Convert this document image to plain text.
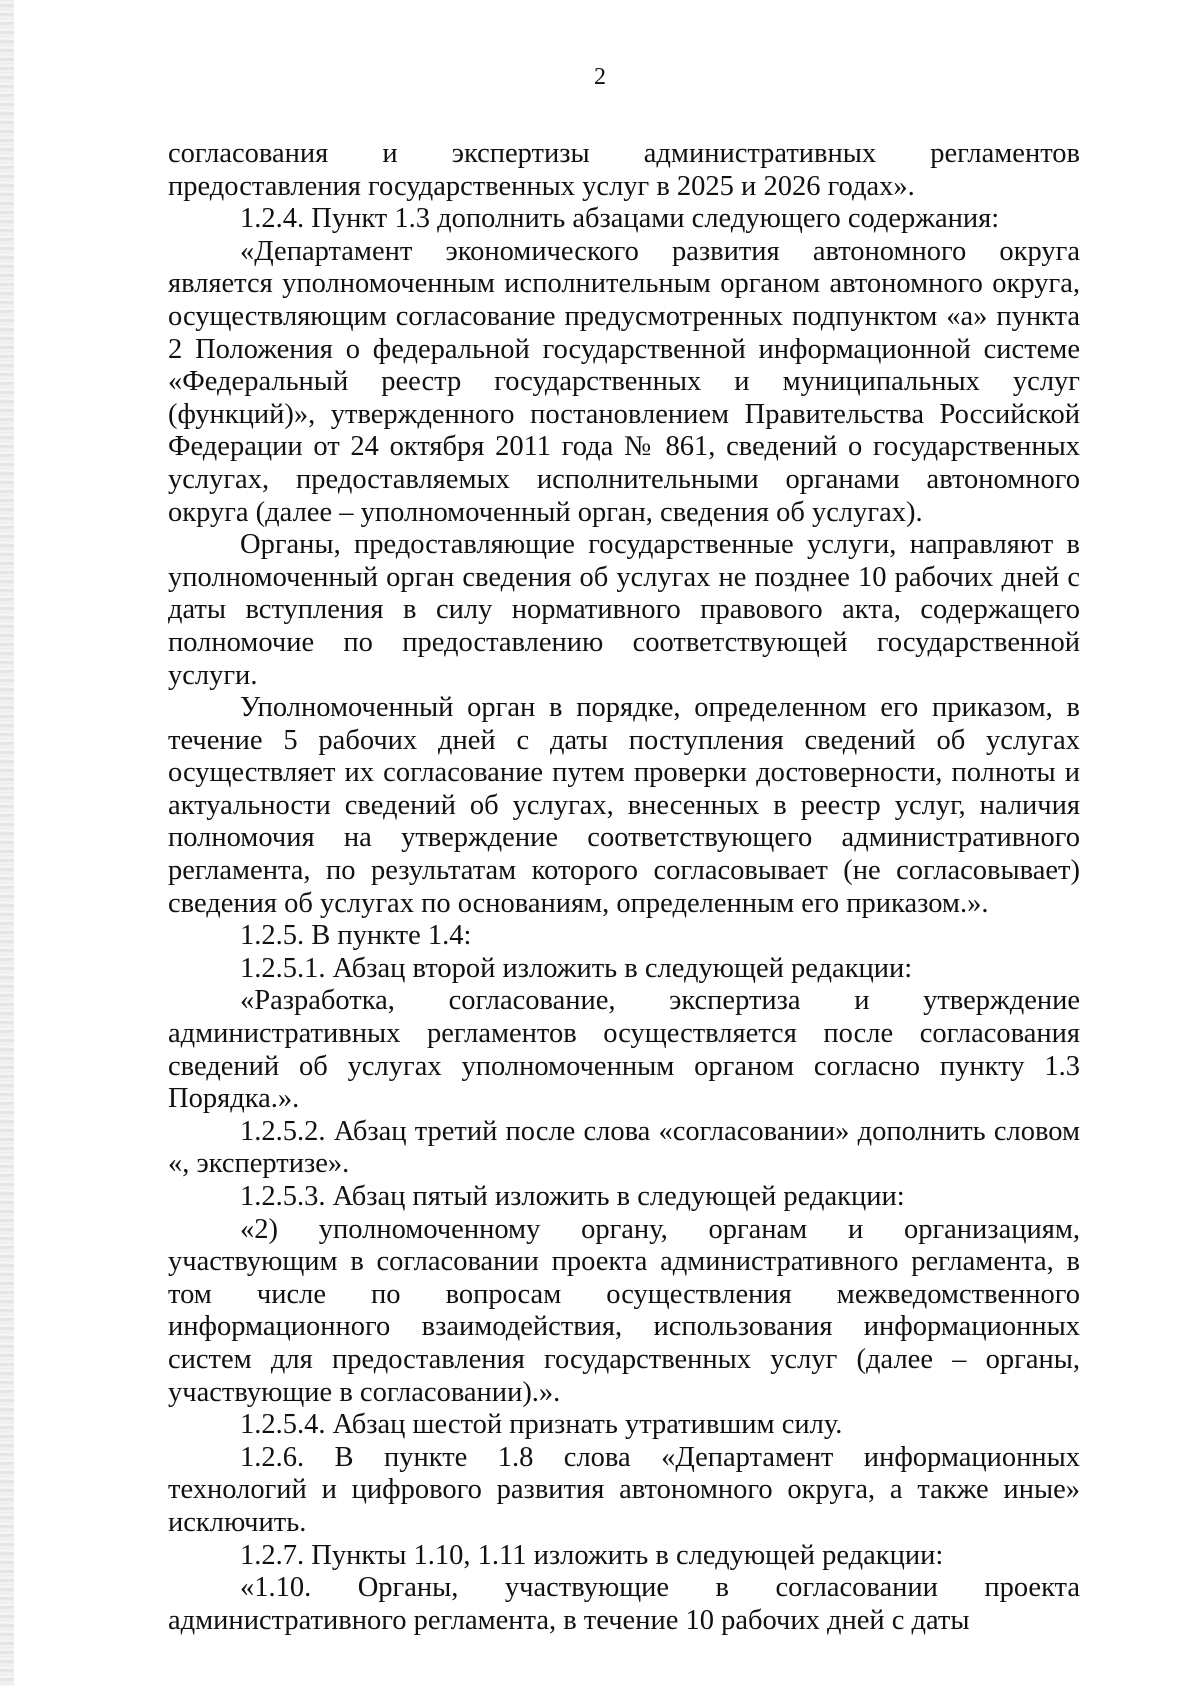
2

согласования и экспертизы административных регламентов предоставления государственных услуг в 2025 и 2026 годах».

1.2.4. Пункт 1.3 дополнить абзацами следующего содержания:

«Департамент экономического развития автономного округа является уполномоченным исполнительным органом автономного округа, осуществляющим согласование предусмотренных подпунктом «а» пункта 2 Положения о федеральной государственной информационной системе «Федеральный реестр государственных и муниципальных услуг (функций)», утвержденного постановлением Правительства Российской Федерации от 24 октября 2011 года № 861, сведений о государственных услугах, предоставляемых исполнительными органами автономного округа (далее – уполномоченный орган, сведения об услугах).

Органы, предоставляющие государственные услуги, направляют в уполномоченный орган сведения об услугах не позднее 10 рабочих дней с даты вступления в силу нормативного правового акта, содержащего полномочие по предоставлению соответствующей государственной услуги.

Уполномоченный орган в порядке, определенном его приказом, в течение 5 рабочих дней с даты поступления сведений об услугах осуществляет их согласование путем проверки достоверности, полноты и актуальности сведений об услугах, внесенных в реестр услуг, наличия полномочия на утверждение соответствующего административного регламента, по результатам которого согласовывает (не согласовывает) сведения об услугах по основаниям, определенным его приказом.».

1.2.5. В пункте 1.4:

1.2.5.1. Абзац второй изложить в следующей редакции:

«Разработка, согласование, экспертиза и утверждение административных регламентов осуществляется после согласования сведений об услугах уполномоченным органом согласно пункту 1.3 Порядка.».

1.2.5.2. Абзац третий после слова «согласовании» дополнить словом «, экспертизе».

1.2.5.3. Абзац пятый изложить в следующей редакции:

«2) уполномоченному органу, органам и организациям, участвующим в согласовании проекта административного регламента, в том числе по вопросам осуществления межведомственного информационного взаимодействия, использования информационных систем для предоставления государственных услуг (далее – органы, участвующие в согласовании).».

1.2.5.4. Абзац шестой признать утратившим силу.

1.2.6. В пункте 1.8 слова «Департамент информационных технологий и цифрового развития автономного округа, а также иные» исключить.

1.2.7. Пункты 1.10, 1.11 изложить в следующей редакции:

«1.10. Органы, участвующие в согласовании проекта административного регламента, в течение 10 рабочих дней с даты
